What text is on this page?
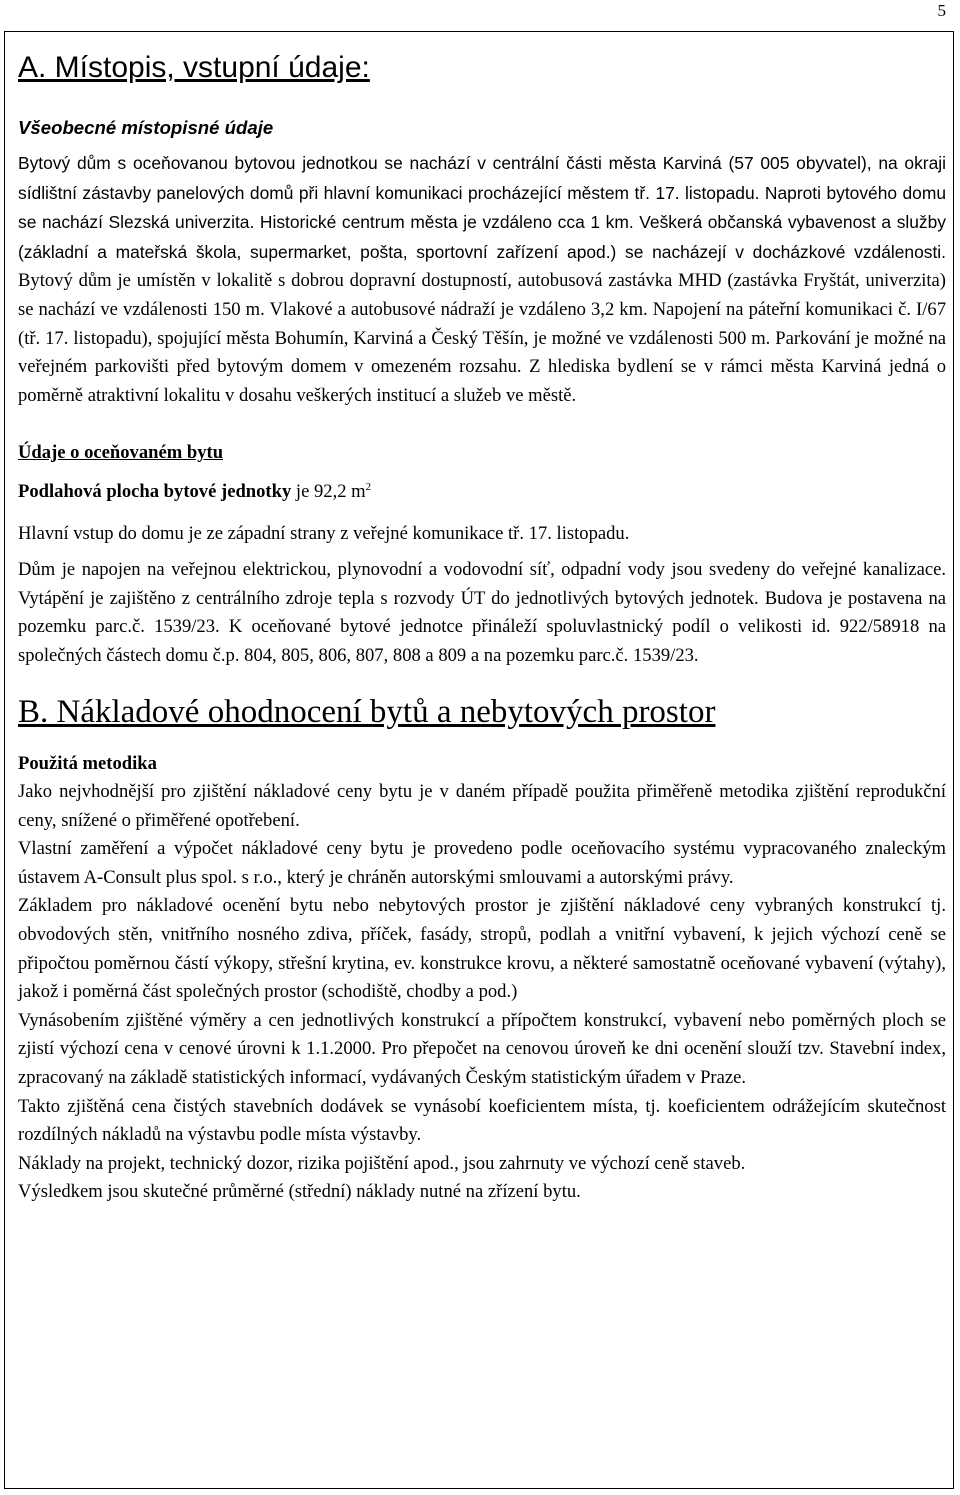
5
A. Místopis, vstupní údaje:
Všeobecné místopisné údaje

Bytový dům s oceňovanou bytovou jednotkou se nachází v centrální části města Karviná (57 005 obyvatel), na okraji sídlištní zástavby panelových domů při hlavní komunikaci procházející městem tř. 17. listopadu. Naproti bytového domu se nachází Slezská univerzita. Historické centrum města je vzdáleno cca 1 km. Veškerá občanská vybavenost a služby (základní a mateřská škola, supermarket, pošta, sportovní zařízení apod.) se nacházejí v docházkové vzdálenosti. Bytový dům je umístěn v lokalitě s dobrou dopravní dostupností, autobusová zastávka MHD (zastávka Fryštát, univerzita) se nachází ve vzdálenosti 150 m. Vlakové a autobusové nádraží je vzdáleno 3,2 km. Napojení na páteřní komunikaci č. I/67 (tř. 17. listopadu), spojující města Bohumín, Karviná a Český Těšín, je možné ve vzdálenosti 500 m. Parkování je možné na veřejném parkovišti před bytovým domem v omezeném rozsahu. Z hlediska bydlení se v rámci města Karviná jedná o poměrně atraktivní lokalitu v dosahu veškerých institucí a služeb ve městě.

Údaje o oceňovaném bytu

Podlahová plocha bytové jednotky je 92,2 $m^2$

Hlavní vstup do domu je ze západní strany z veřejné komunikace tř. 17. listopadu.

Dům je napojen na veřejnou elektrickou, plynovodní a vodovodní síť, odpadní vody jsou svedeny do veřejné kanalizace. Vytápění je zajištěno z centrálního zdroje tepla s rozvody ÚT do jednotlivých bytových jednotek. Budova je postavena na pozemku parc.č. 1539/23. K oceňované bytové jednotce přináleží spoluvlastnický podíl o velikosti id. 922/58918 na společných částech domu č.p. 804, 805, 806, 807, 808 a 809 a na pozemku parc.č. 1539/23.

B. Nákladové ohodnocení bytů a nebytových prostor
Použitá metodika

Jako nejvhodnější pro zjištění nákladové ceny bytu je v daném případě použita přiměřeně metodika zjištění reprodukční ceny, snížené o přiměřené opotřebení.

Vlastní zaměření a výpočet nákladové ceny bytu je provedeno podle oceňovacího systému vypracovaného znaleckým ústavem A-Consult plus spol. s r.o., který je chráněn autorskými smlouvami a autorskými právy.

Základem pro nákladové ocenění bytu nebo nebytových prostor je zjištění nákladové ceny vybraných konstrukcí tj. obvodových stěn, vnitřního nosného zdiva, příček, fasády, stropů, podlah a vnitřní vybavení, k jejich výchozí ceně se připočtou poměrnou částí výkopy, střešní krytina, ev. konstrukce krovu, a některé samostatně oceňované vybavení (výtahy), jakož i poměrná část společných prostor (schodiště, chodby a pod.)

Vynásobením zjištěné výměry a cen jednotlivých konstrukcí a přípočtem konstrukcí, vybavení nebo poměrných ploch se zjistí výchozí cena v cenové úrovni k 1.1.2000. Pro přepočet na cenovou úroveň ke dni ocenění slouží tzv. Stavební index, zpracovaný na základě statistických informací, vydávaných Českým statistickým úřadem v Praze.

Takto zjištěná cena čistých stavebních dodávek se vynásobí koeficientem místa, tj. koeficientem odrážejícím skutečnost rozdílných nákladů na výstavbu podle místa výstavby.

Náklady na projekt, technický dozor, rizika pojištění apod., jsou zahrnuty ve výchozí ceně staveb.

Výsledkem jsou skutečné průměrné (střední) náklady nutné na zřízení bytu.
